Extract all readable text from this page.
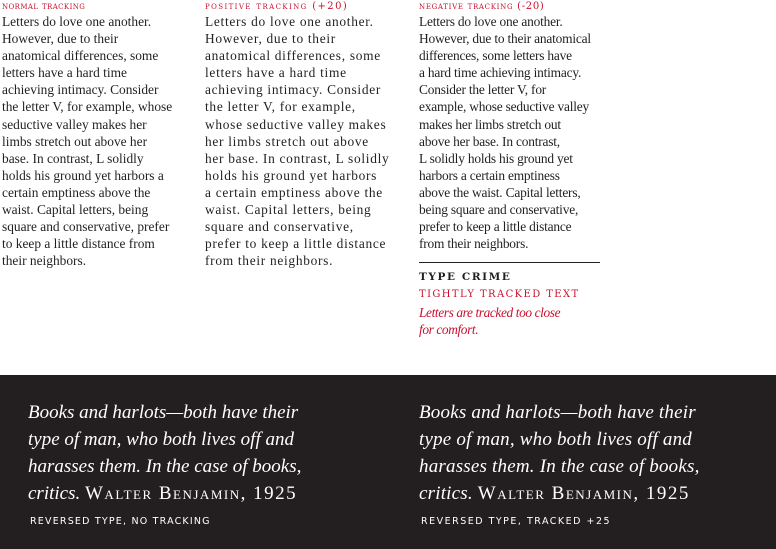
normal tracking

Letters do love one another.

However, due to their

anatomical differences, some

letters have a hard time

achieving intimacy. Consider

the letter V, for example, whose

seductive valley makes her

limbs stretch out above her

base. In contrast, L solidly

holds his ground yet harbors a

certain emptiness above the

waist. Capital letters, being

square and conservative, prefer

to keep a little distance from

their neighbors.

positive tracking (+20)

Letters do love one another.

However, due to their

anatomical differences, some

letters have a hard time

achieving intimacy. Consider

the letter V, for example,

whose seductive valley makes

her limbs stretch out above

her base. In contrast, L solidly

holds his ground yet harbors

a certain emptiness above the

waist. Capital letters, being

square and conservative,

prefer to keep a little distance

from their neighbors.

negative tracking (-20)

Letters do love one another.

However, due to their anatomical

differences, some letters have

a hard time achieving intimacy.

Consider the letter V, for

example, whose seductive valley

makes her limbs stretch out

above her base. In contrast,

L solidly holds his ground yet

harbors a certain emptiness

above the waist. Capital letters,

being square and conservative,

prefer to keep a little distance

from their neighbors.

TYPE CRIME
TIGHTLY TRACKED TEXT
Letters are tracked too close
for comfort.
Books and harlots—both have their
type of man, who both lives off and
harasses them. In the case of books,
critics. Walter Benjamin, 1925
REVERSED TYPE, NO TRACKING
Books and harlots—both have their
type of man, who both lives off and
harasses them. In the case of books,
critics. Walter Benjamin, 1925
REVERSED TYPE, TRACKED +25
